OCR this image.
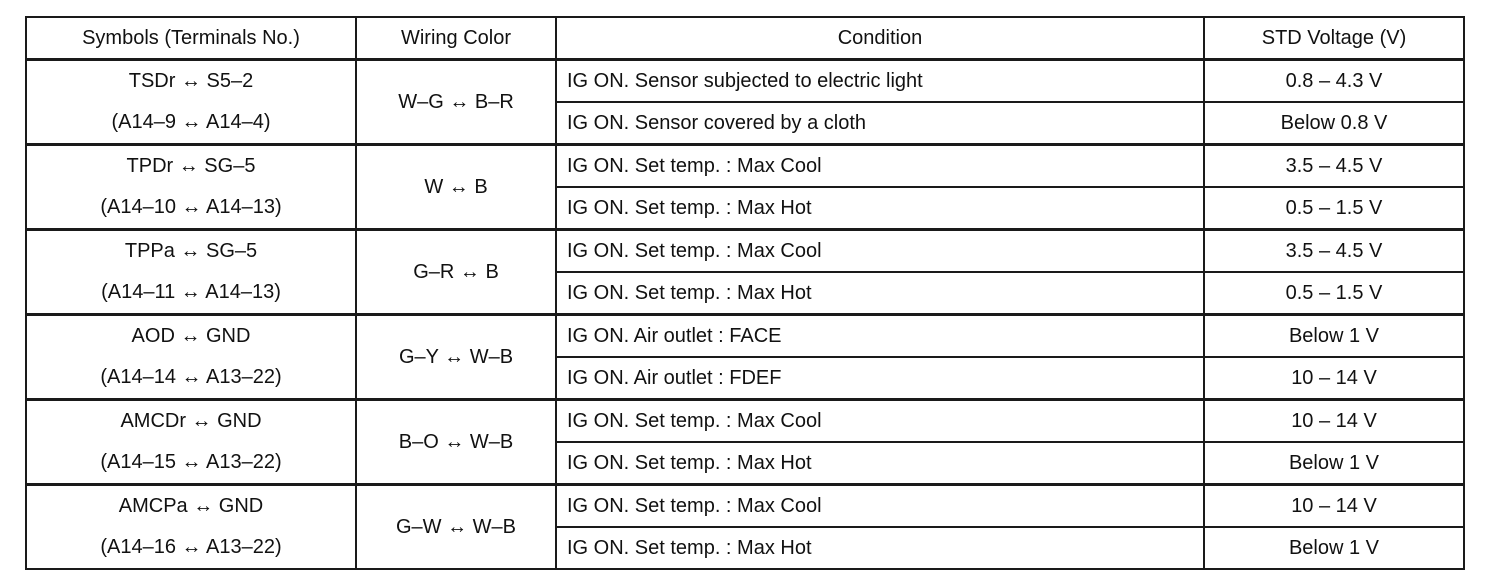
Symbols (Terminals No.)	Wiring Color	Condition	STD Voltage (V)

TSDr ↔ S5–2
(A14–9 ↔ A14–4)	W–G ↔ B–R	IG ON. Sensor subjected to electric light	0.8 – 4.3 V
		IG ON. Sensor covered by a cloth	Below 0.8 V

TPDr ↔ SG–5
(A14–10 ↔ A14–13)	W ↔ B	IG ON. Set temp. : Max Cool	3.5 – 4.5 V
		IG ON. Set temp. : Max Hot	0.5 – 1.5 V

TPPa ↔ SG–5
(A14–11 ↔ A14–13)	G–R ↔ B	IG ON. Set temp. : Max Cool	3.5 – 4.5 V
		IG ON. Set temp. : Max Hot	0.5 – 1.5 V

AOD ↔ GND
(A14–14 ↔ A13–22)	G–Y ↔ W–B	IG ON. Air outlet : FACE	Below 1 V
		IG ON. Air outlet : FDEF	10 – 14 V

AMCDr ↔ GND
(A14–15 ↔ A13–22)	B–O ↔ W–B	IG ON. Set temp. : Max Cool	10 – 14 V
		IG ON. Set temp. : Max Hot	Below 1 V

AMCPa ↔ GND
(A14–16 ↔ A13–22)	G–W ↔ W–B	IG ON. Set temp. : Max Cool	10 – 14 V
		IG ON. Set temp. : Max Hot	Below 1 V
